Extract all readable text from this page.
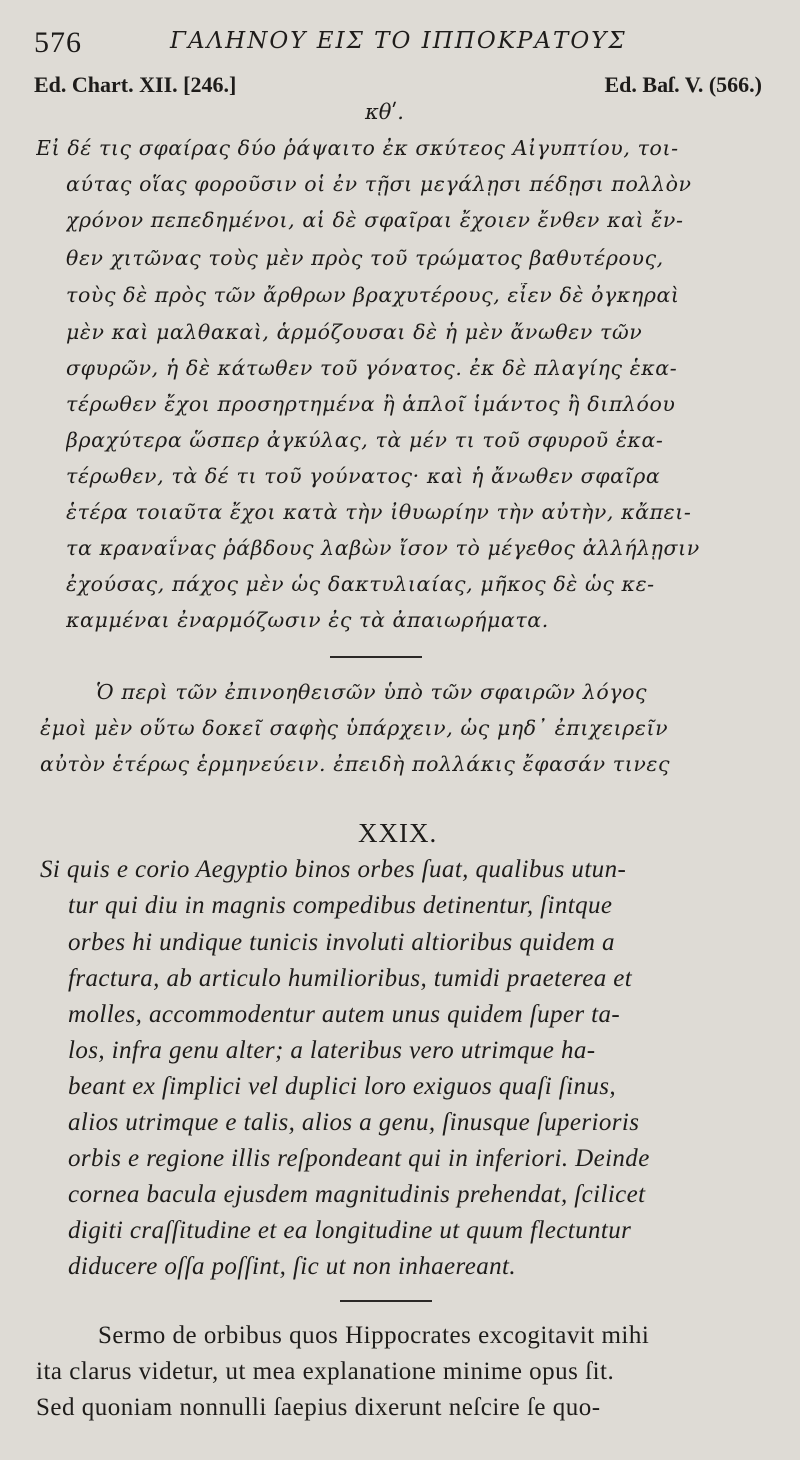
576	ΓΑΛΗΝΟΥ ΕΙΣ ΤΟ ΙΠΠΟΚΡΑΤΟΥΣ
Ed. Chart. XII. [246.]	Ed. Baſ. V. (566.)
κθʹ.
Εἰ δέ τις σφαίρας δύο ῥάψαιτο ἐκ σκύτεος Αἰγυπτίου, τοι-
αύτας οἵας φοροῦσιν οἱ ἐν τῇσι μεγάλῃσι πέδῃσι πολλὸν
χρόνον πεπεδημένοι, αἱ δὲ σφαῖραι ἔχοιεν ἔνθεν καὶ ἔν-
θεν χιτῶνας τοὺς μὲν πρὸς τοῦ τρώματος βαθυτέρους,
τοὺς δὲ πρὸς τῶν ἄρθρων βραχυτέρους, εἶεν δὲ ὀγκηραὶ
μὲν καὶ μαλθακαὶ, ἁρμόζουσαι δὲ ἡ μὲν ἄνωθεν τῶν
σφυρῶν, ἡ δὲ κάτωθεν τοῦ γόνατος. ἐκ δὲ πλαγίης ἑκα-
τέρωθεν ἔχοι προσηρτημένα ἢ ἁπλοῖ ἱμάντος ἢ διπλόου
βραχύτερα ὥσπερ ἀγκύλας, τὰ μέν τι τοῦ σφυροῦ ἑκα-
τέρωθεν, τὰ δέ τι τοῦ γούνατος· καὶ ἡ ἄνωθεν σφαῖρα
ἑτέρα τοιαῦτα ἔχοι κατὰ τὴν ἰθυωρίην τὴν αὐτὴν, κἄπει-
τα κραναΐνας ῥάβδους λαβὼν ἴσον τὸ μέγεθος ἀλλήλῃσιν
ἐχούσας, πάχος μὲν ὡς δακτυλιαίας, μῆκος δὲ ὡς κε-
καμμέναι ἐναρμόζωσιν ἐς τὰ ἀπαιωρήματα.
Ὁ περὶ τῶν ἐπινοηθεισῶν ὑπὸ τῶν σφαιρῶν λόγος
ἐμοὶ μὲν οὕτω δοκεῖ σαφὴς ὑπάρχειν, ὡς μηδ᾽ ἐπιχειρεῖν
αὐτὸν ἑτέρως ἑρμηνεύειν. ἐπειδὴ πολλάκις ἔφασάν τινες
XXIX.
Si quis e corio Aegyptio binos orbes ſuat, qualibus utun-
tur qui diu in magnis compedibus detinentur, ſintque
orbes hi undique tunicis involuti altioribus quidem a
fractura, ab articulo humilioribus, tumidi praeterea et
molles, accommodentur autem unus quidem ſuper ta-
los, infra genu alter; a lateribus vero utrimque ha-
beant ex ſimplici vel duplici loro exiguos quaſi ſinus,
alios utrimque e talis, alios a genu, ſinusque ſuperioris
orbis e regione illis reſpondeant qui in inferiori. Deinde
cornea bacula ejusdem magnitudinis prehendat, ſcilicet
digiti craſſitudine et ea longitudine ut quum flectuntur
diducere oſſa poſſint, ſic ut non inhaereant.
Sermo de orbibus quos Hippocrates excogitavit mihi
ita clarus videtur, ut mea explanatione minime opus ſit.
Sed quoniam nonnulli ſaepius dixerunt neſcire ſe quo-
